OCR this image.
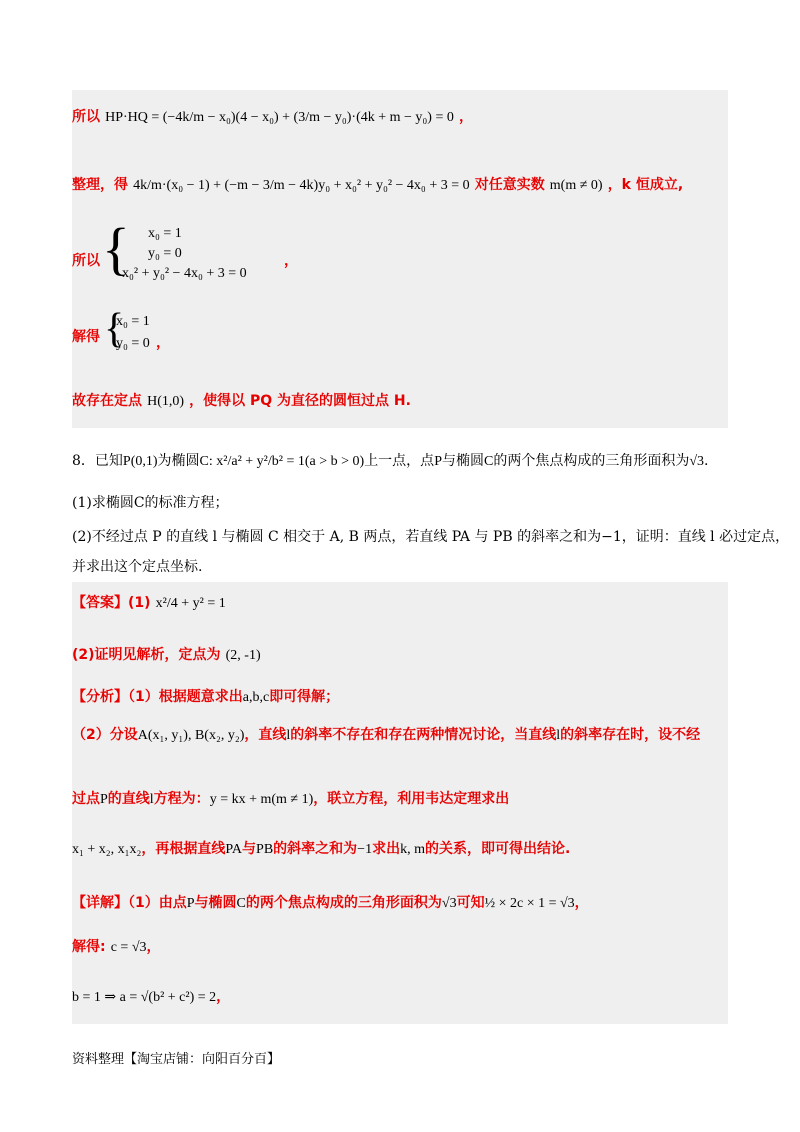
所以 HP·HQ = (−4k/m − x₀)(4 − x₀) + (3/m − y₀)·(4k + m − y₀) = 0 ，
整理，得 4k/m·(x₀ − 1) + (−m − 3/m − 4k)y₀ + x₀² + y₀² − 4x₀ + 3 = 0 对任意实数 m(m ≠ 0) ，k 恒成立,
所以 { x₀ = 1
y₀ = 0
x₀² + y₀² − 4x₀ + 3 = 0
，
解得 {
x₀ = 1
y₀ = 0 ，
故存在定点 H(1,0) ，使得以 PQ 为直径的圆恒过点 H.
8．已知P(0,1)为椭圆C: x²/a² + y²/b² = 1(a > b > 0)上一点，点P与椭圆C的两个焦点构成的三角形面积为√3.
(1)求椭圆C的标准方程；
(2)不经过点 P 的直线 l 与椭圆 C 相交于 A, B 两点，若直线 PA 与 PB 的斜率之和为−1，证明：直线 l 必过定点，
并求出这个定点坐标.
【答案】(1) x²/4 + y² = 1
(2)证明见解析，定点为 (2, -1)
【分析】（1）根据题意求出a,b,c即可得解；
（2）分设A(x₁, y₁), B(x₂, y₂)，直线l的斜率不存在和存在两种情况讨论，当直线l的斜率存在时，设不经
过点P的直线l方程为：y = kx + m(m ≠ 1)，联立方程，利用韦达定理求出
x₁ + x₂, x₁x₂，再根据直线PA与PB的斜率之和为−1求出k, m的关系，即可得出结论.
【详解】（1）由点P与椭圆C的两个焦点构成的三角形面积为√3可知½ × 2c × 1 = √3，
解得: c = √3，
b = 1 ⇒ a = √(b² + c²) = 2，
资料整理【淘宝店铺：向阳百分百】
